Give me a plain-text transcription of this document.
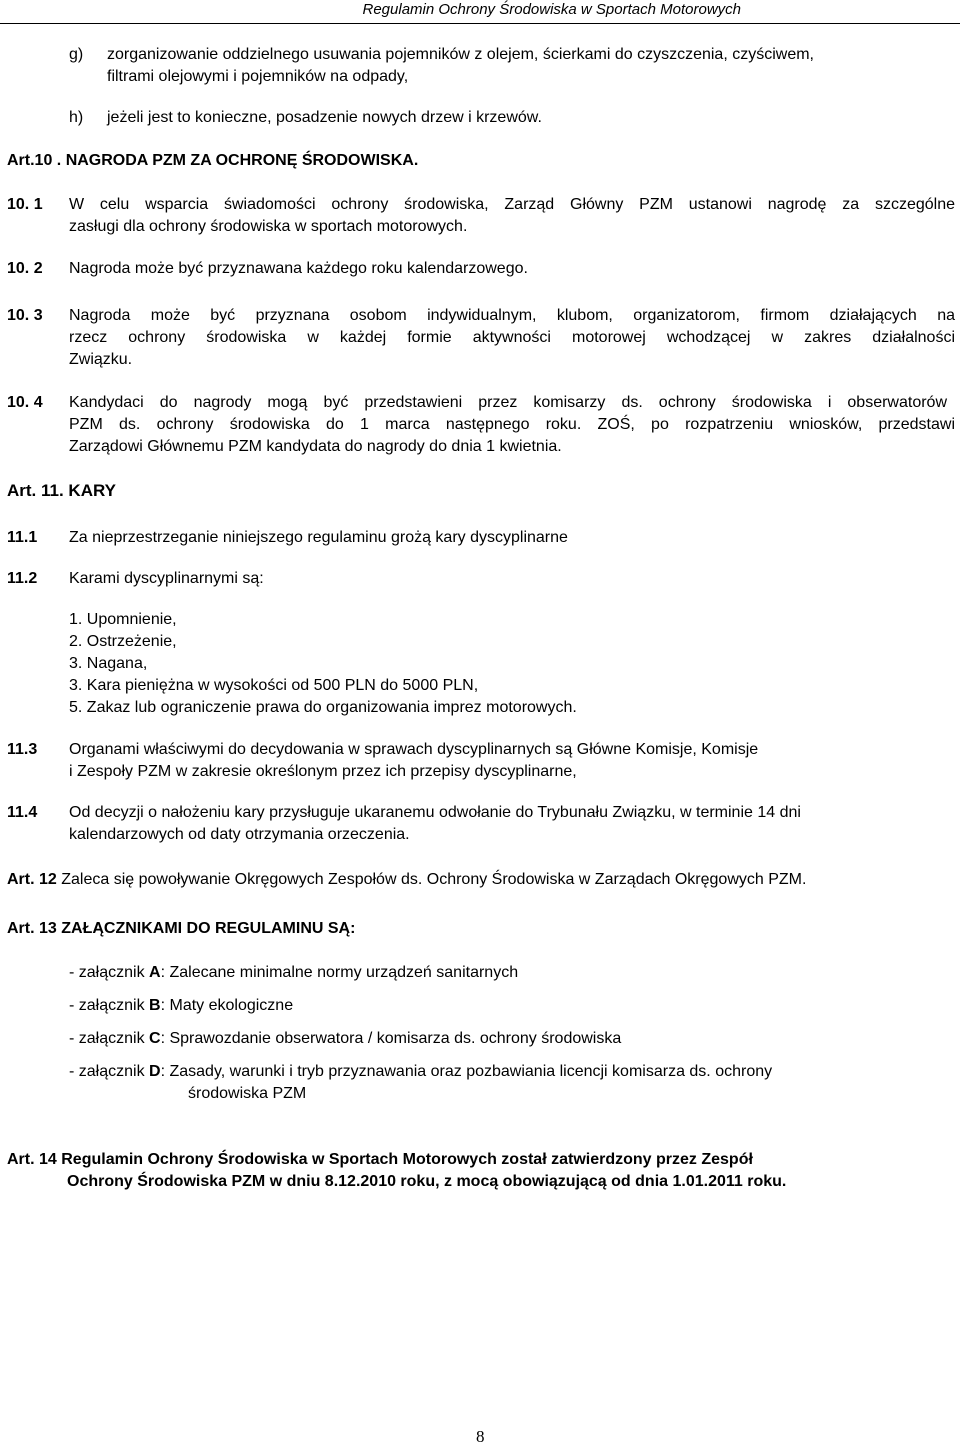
Regulamin Ochrony Środowiska w Sportach Motorowych
g) zorganizowanie oddzielnego usuwania pojemników z olejem, ścierkami do czyszczenia, czyściwem,
filtrami olejowymi i pojemników na odpady,
h) jeżeli jest to konieczne, posadzenie nowych drzew i krzewów.
Art.10 . NAGRODA PZM ZA OCHRONĘ ŚRODOWISKA.
10. 1 W celu wsparcia świadomości ochrony środowiska, Zarząd Główny PZM ustanowi nagrodę za szczególne
zasługi dla ochrony środowiska w sportach motorowych.
10. 2 Nagroda może być przyznawana każdego roku kalendarzowego.
10. 3 Nagroda może być przyznana osobom indywidualnym, klubom, organizatorom, firmom działających na
rzecz ochrony środowiska w każdej formie aktywności motorowej wchodzącej w zakres działalności
Związku.
10. 4 Kandydaci do nagrody mogą być przedstawieni przez komisarzy ds. ochrony środowiska i obserwatorów
PZM ds. ochrony środowiska do 1 marca następnego roku. ZOŚ, po rozpatrzeniu wniosków, przedstawi
Zarządowi Głównemu PZM kandydata do nagrody do dnia 1 kwietnia.
Art. 11. KARY
11.1 Za nieprzestrzeganie niniejszego regulaminu grożą kary dyscyplinarne
11.2 Karami dyscyplinarnymi są:
1. Upomnienie,
2. Ostrzeżenie,
3. Nagana,
3. Kara pieniężna w wysokości od 500 PLN do 5000 PLN,
5. Zakaz lub ograniczenie prawa do organizowania imprez motorowych.
11.3 Organami właściwymi do decydowania w sprawach dyscyplinarnych są Główne Komisje, Komisje
i Zespoły PZM w zakresie określonym przez ich przepisy dyscyplinarne,
11.4 Od decyzji o nałożeniu kary przysługuje ukaranemu odwołanie do Trybunału Związku, w terminie 14 dni
kalendarzowych od daty otrzymania orzeczenia.
Art. 12 Zaleca się powoływanie Okręgowych Zespołów ds. Ochrony Środowiska w Zarządach Okręgowych PZM.
Art. 13 ZAŁĄCZNIKAMI DO REGULAMINU SĄ:
- załącznik A: Zalecane minimalne normy urządzeń sanitarnych
- załącznik B: Maty ekologiczne
- załącznik C: Sprawozdanie obserwatora / komisarza ds. ochrony środowiska
- załącznik D: Zasady, warunki i tryb przyznawania oraz pozbawiania licencji komisarza ds. ochrony
środowiska PZM
Art. 14 Regulamin Ochrony Środowiska w Sportach Motorowych został zatwierdzony przez Zespół
Ochrony Środowiska PZM w dniu 8.12.2010 roku, z mocą obowiązującą od dnia 1.01.2011 roku.
8
